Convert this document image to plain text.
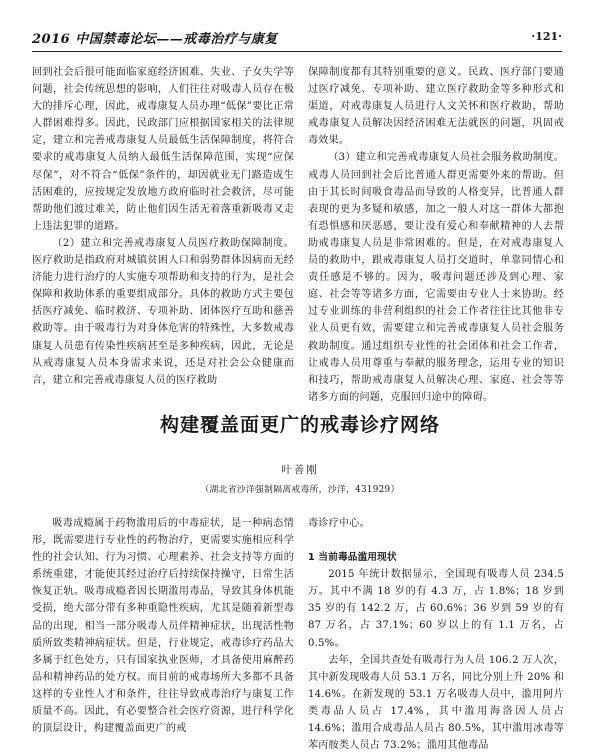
2016 中国禁毒论坛——戒毒治疗与康复	·121·

回到社会后很可能面临家庭经济困难、失业、子女失学等问题，社会传统思想的影响，人们往往对吸毒人员存在极大的排斥心理，因此，戒毒康复人员办理“低保”要比正常人群困难得多。因此，民政部门应根据国家相关的法律规定，建立和完善戒毒康复人员最低生活保障制度，将符合要求的戒毒康复人员纳人最低生活保障范围，实现“应保尽保”，对不符合“低保”条件的，却因就业无门路造成生活困难的，应按规定发放地方政府临时社会救济，尽可能帮助他们渡过难关，防止他们因生活无着落重新吸毒又走上违法犯罪的道路。

（2）建立和完善戒毒康复人员医疗救助保障制度。医疗救助是指政府对城镇贫困人口和弱势群体因病而无经济能力进行治疗的人实施专项帮助和支持的行为，是社会保障和救助体系的重要组成部分。具体的救助方式主要包括医疗减免、临时救济、专项补助、团体医疗互助和慈善救助等。由于吸毒行为对身体危害的特殊性，大多数戒毒康复人员患有传染性疾病甚至是多种疾病，因此，无论是从戒毒康复人员本身需求来说，还是对社会公众健康而言，建立和完善戒毒康复人员的医疗救助

保障制度都有其特别重要的意义。民政、医疗部门要通过医疗减免、专项补助、建立医疗救助金等多种形式和渠道，对戒毒康复人员进行人文关怀和医疗救助，帮助戒毒康复人员解决因经济困难无法就医的问题，巩固戒毒效果。

（3）建立和完善戒毒康复人员社会服务救助制度。戒毒人员回到社会后比普通人群更需要外来的帮助。但由于其长时间吸食毒品而导致的人格变异，比普通人群表现的更为多疑和敏感，加之一般人对这一群体大都抱有恐惧感和厌恶感，要让没有爱心和奉献精神的人去帮助戒毒康复人员是非常困难的。但是，在对戒毒康复人员的救助中，跟戒毒康复人员打交道时，单靠同情心和责任感是不够的。因为，吸毒问题还涉及到心理、家庭、社会等等诸多方面，它需要由专业人士来协助。经过专业训练的非营利组织的社会工作者往往比其他非专业人员更有效，需要建立和完善戒毒康复人员社会服务救助制度。通过组织专业性的社会团体和社会工作者，让戒毒人员用尊重与奉献的服务理念，运用专业的知识和技巧，帮助戒毒康复人员解决心理、家庭、社会等等诸多方面的问题，克服回归途中的障碍。

构建覆盖面更广的戒毒诊疗网络
叶善刚
（湖北省沙洋强制隔离戒毒所，沙洋，431929）

吸毒成瘾属于药物滥用后的中毒症状，是一种病态情形，既需要进行专业性的药物治疗，更需要实施相应科学性的社会认知、行为习惯、心理素养、社会支持等方面的系统重建，才能使其经过治疗后持续保持操守，日常生活恢复正轨。吸毒成瘾者因长期滥用毒品，导致其身体机能受损，绝大部分带有多种重隐性疾病，尤其是随着新型毒品的出现，相当一部分吸毒人员伴精神症状，出现活性物质所致类精神病症状。但是，行业规定，戒毒诊疗药品大多属于红色处方，只有国家执业医师，才具备使用麻醉药品和精神药品的处方权。而目前的戒毒场所大多都不具备这样的专业性人才和条件，往往导致戒毒治疗与康复工作质量不高。因此，有必要整合社会医疗资源，进行科学化的顶层设计，构建覆盖面更广的戒

毒诊疗中心。

1 当前毒品滥用现状

2015 年统计数据显示，全国现有吸毒人员 234.5 万。其中不满 18 岁的有 4.3 万，占 1.8%；18 岁到 35 岁的有 142.2 万，占 60.6%；36 岁到 59 岁的有 87 万名，占 37.1%；60 岁以上的有 1.1 万名，占 0.5%。

去年，全国共查处有吸毒行为人员 106.2 万人次，其中新发现吸毒人员 53.1 万名，同比分别上升 20% 和 14.6%。在新发现的 53.1 万名吸毒人员中，滥用阿片类毒品人员占 17.4%，其中滥用海洛因人员占 14.6%；滥用合成毒品人员占 80.5%，其中滥用冰毒等苯丙胺类人员占 73.2%；滥用其他毒品
